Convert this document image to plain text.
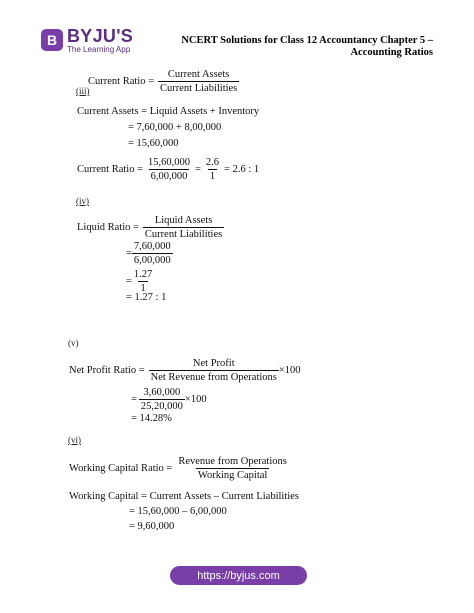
B BYJU'S
The Learning App
NCERT Solutions for Class 12 Accountancy Chapter 5 –
Accounting Ratios
Current Ratio = $\frac{\text{Current Assets}}{\text{Current Liabilities}}$
(iii)
Current Assets = Liquid Assets + Inventory
= 7,60,000 + 8,00,000
= 15,60,000
Current Ratio = $\frac{15,60,000}{6,00,000} = \frac{2.6}{1} = 2.6$ : 1
(iv)
Liquid Ratio = $\frac{\text{Liquid Assets}}{\text{Current Liabilities}}$
= $\frac{7,60,000}{6,00,000}$
= $\frac{1.27}{1}$
= 1.27 : 1
(v)
Net Profit Ratio = $\frac{\text{Net Profit}}{\text{Net Revenue from Operations}} \times 100$
= $\frac{3,60,000}{25,20,000} \times 100$
= 14.28%
(vi)
Working Capital Ratio = $\frac{\text{Revenue from Operations}}{\text{Working Capital}}$
Working Capital = Current Assets – Current Liabilities
= 15,60,000 – 6,00,000
= 9,60,000
https://byjus.com
